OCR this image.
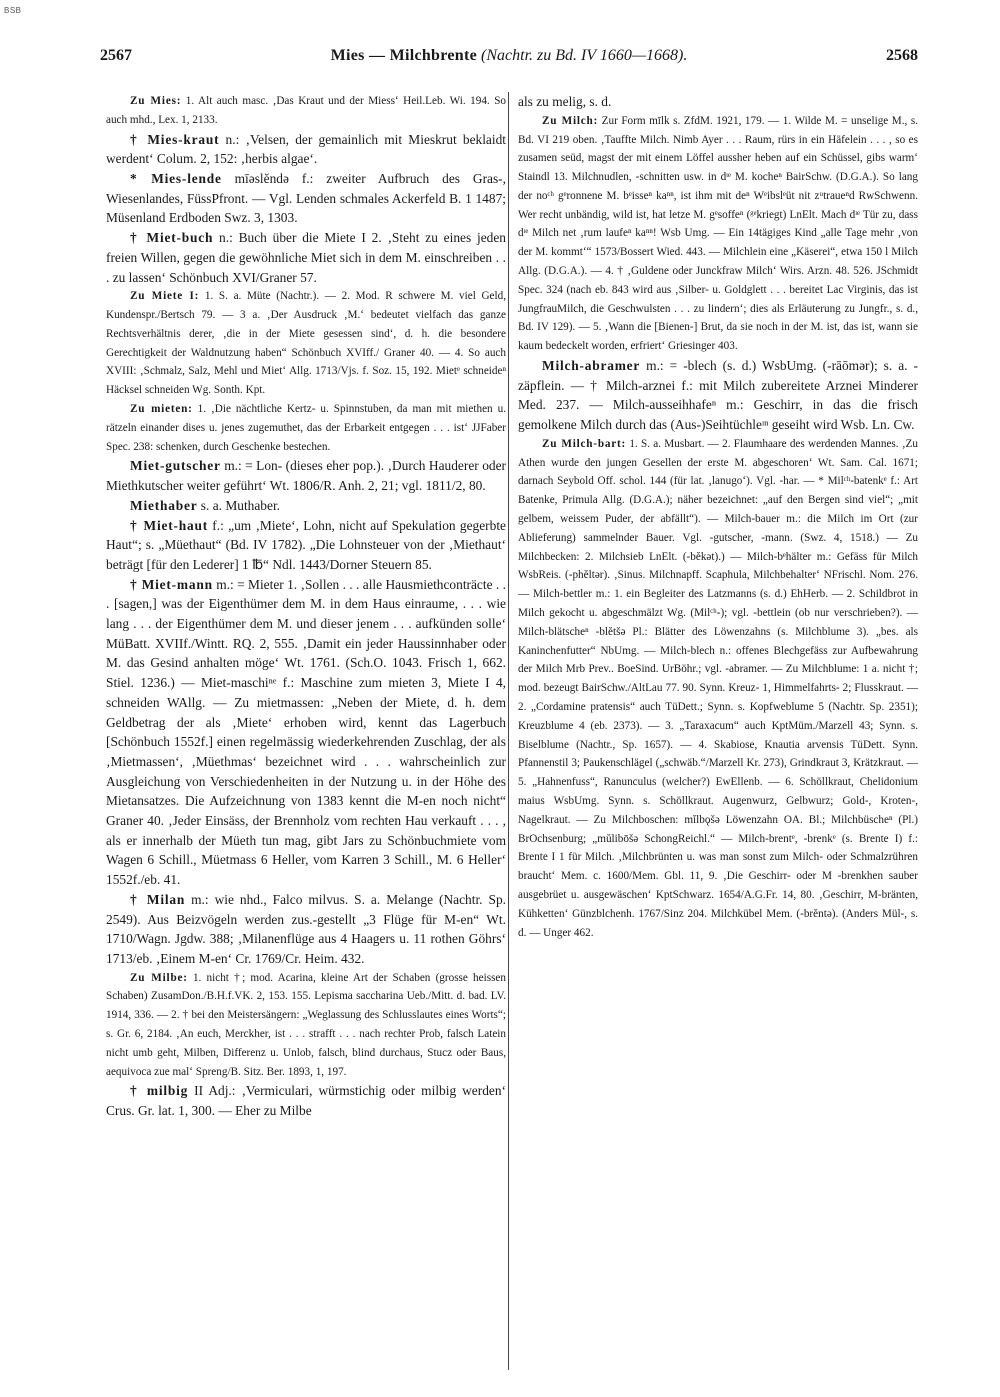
BSB
2567	Mies — Milchbrente (Nachtr. zu Bd. IV 1660—1668).	2568

Zu Mies: 1. Alt auch masc. ‚Das Kraut und der Miess‘ Heil.Leb. Wi. 194. So auch mhd., Lex. 1, 2133.

† Mies-kraut n.: ‚Velsen, der gemainlich mit Mieskrut beklaidt werdent‘ Colum. 2, 152: ‚herbis algae‘.

* Mies-lende mīəslĕndə f.: zweiter Aufbruch des Gras-, Wiesenlandes, FüssPfront. — Vgl. Lenden schmales Ackerfeld B. 1 1487; Müsenland Erdboden Swz. 3, 1303.

† Miet-buch n.: Buch über die Miete I 2. ‚Steht zu eines jeden freien Willen, gegen die gewöhnliche Miet sich in dem M. einschreiben . . . zu lassen‘ Schönbuch XVI/Graner 57.

Zu Miete I: 1. S. a. Müte (Nachtr.). — 2. Mod. R schwere M. viel Geld, Kundenspr./Bertsch 79. — 3 a. ‚Der Ausdruck ‚M.‘ bedeutet vielfach das ganze Rechtsverhältnis derer, ‚die in der Miete gesessen sind‘, d. h. die besondere Gerechtigkeit der Waldnutzung haben“ Schönbuch XVIff./ Graner 40. — 4. So auch XVIII: ‚Schmalz, Salz, Mehl und Miet‘ Allg. 1713/Vjs. f. Soz. 15, 192. Mietᵉ schneideⁿ Häcksel schneiden Wg. Sonth. Kpt.

Zu mieten: 1. ‚Die nächtliche Kertz- u. Spinnstuben, da man mit miethen u. rätzeln einander dises u. jenes zugemuthet, das der Erbarkeit entgegen . . . ist‘ JJFaber Spec. 238: schenken, durch Geschenke bestechen.

Miet-gutscher m.: = Lon- (dieses eher pop.). ‚Durch Hauderer oder Miethkutscher weiter geführt‘ Wt. 1806/R. Anh. 2, 21; vgl. 1811/2, 80.

Miethaber s. a. Muthaber.

† Miet-haut f.: „um ‚Miete‘, Lohn, nicht auf Spekulation gegerbte Haut“; s. „Müethaut“ (Bd. IV 1782). „Die Lohnsteuer von der ‚Miethaut‘ beträgt [für den Lederer] 1 ℔“ Ndl. 1443/Dorner Steuern 85.

† Miet-mann m.: = Mieter 1. ‚Sollen . . . alle Hausmiethconträcte . . . [sagen,] was der Eigenthümer dem M. in dem Haus einraume, . . . wie lang . . . der Eigenthümer dem M. und dieser jenem . . . aufkünden solle‘ MüBatt. XVIIf./Wintt. RQ. 2, 555. ‚Damit ein jeder Haussinnhaber oder M. das Gesind anhalten möge‘ Wt. 1761. (Sch.O. 1043. Frisch 1, 662. Stiel. 1236.) — Miet-maschiⁿᵉ f.: Maschine zum mieten 3, Miete I 4, schneiden WAllg. — Zu mietmassen: „Neben der Miete, d. h. dem Geldbetrag der als ‚Miete‘ erhoben wird, kennt das Lagerbuch [Schönbuch 1552f.] einen regelmässig wiederkehrenden Zuschlag, der als ‚Mietmassen‘, ‚Müethmas‘ bezeichnet wird . . . wahrscheinlich zur Ausgleichung von Verschiedenheiten in der Nutzung u. in der Höhe des Mietansatzes. Die Aufzeichnung von 1383 kennt die M-en noch nicht“ Graner 40. ‚Jeder Einsäss, der Brennholz vom rechten Hau verkauft . . . , als er innerhalb der Müeth tun mag, gibt Jars zu Schönbuchmiete vom Wagen 6 Schill., Müetmass 6 Heller, vom Karren 3 Schill., M. 6 Heller‘ 1552f./eb. 41.

† Milan m.: wie nhd., Falco milvus. S. a. Melange (Nachtr. Sp. 2549). Aus Beizvögeln werden zus.-gestellt „3 Flüge für M-en“ Wt. 1710/Wagn. Jgdw. 388; ‚Milanenflüge aus 4 Haagers u. 11 rothen Göhrs‘ 1713/eb. ‚Einem M-en‘ Cr. 1769/Cr. Heim. 432.

Zu Milbe: 1. nicht †; mod. Acarina, kleine Art der Schaben (grosse heissen Schaben) ZusamDon./B.H.f.VK. 2, 153. 155. Lepisma saccharina Ueb./Mitt. d. bad. LV. 1914, 336. — 2. † bei den Meistersängern: „Weglassung des Schlusslautes eines Worts“; s. Gr. 6, 2184. ‚An euch, Merckher, ist . . . strafft . . . nach rechter Prob, falsch Latein nicht umb geht, Milben, Differenz u. Unlob, falsch, blind durchaus, Stucz oder Baus, aequivoca zue mal‘ Spreng/B. Sitz. Ber. 1893, 1, 197.

† milbig II Adj.: ‚Vermiculari, würmstichig oder milbig werden‘ Crus. Gr. lat. 1, 300. — Eher zu Milbe

als zu melig, s. d.

Zu Milch: Zur Form mīlk s. ZfdM. 1921, 179. — 1. Wilde M. = unselige M., s. Bd. VI 219 oben. ‚Tauffte Milch. Nimb Ayer . . . Raum, rürs in ein Häfelein . . . , so es zusamen seüd, magst der mit einem Löffel aussher heben auf ein Schüssel, gibs warm‘ Staindl 13. Milchnudlen, -schnitten usw. in dᶦᵉ M. kocheⁿ BairSchw. (D.G.A.). So lang der noᶜʰ gᵉronnene M. bᵉisseⁿ kaⁿⁿ, ist ihm mit deⁿ Wᵉibslᵉüt nit zᵘtraueⁿd RwSchwenn. Wer recht unbändig, wild ist, hat letze M. gᵉsoffeⁿ (ᵍᵉkriegt) LnElt. Mach dᶦᵉ Tür zu, dass dᶦᵉ Milch net ‚rum laufeⁿ kaⁿⁿ! Wsb Umg. — Ein 14tägiges Kind „alle Tage mehr ‚von der M. kommt‘“ 1573/Bossert Wied. 443. — Milchlein eine „Käserei“, etwa 150 l Milch Allg. (D.G.A.). — 4. † ‚Guldene oder Junckfraw Milch‘ Wirs. Arzn. 48. 526. JSchmidt Spec. 324 (nach eb. 843 wird aus ‚Silber- u. Goldglett . . . bereitet Lac Virginis, das ist JungfrauMilch, die Geschwulsten . . . zu lindern‘; dies als Erläuterung zu Jungfr., s. d., Bd. IV 129). — 5. ‚Wann die [Bienen-] Brut, da sie noch in der M. ist, das ist, wann sie kaum bedeckelt worden, erfriert‘ Griesinger 403.

Milch-abramer m.: = -blech (s. d.) WsbUmg. (-rāōmər); s. a. -zäpflein. — † Milch-arznei f.: mit Milch zubereitete Arznei Minderer Med. 237. — Milch-ausseihhafeⁿ m.: Geschirr, in das die frisch gemolkene Milch durch das (Aus-)Seihtüchleᶦⁿ geseiht wird Wsb. Ln. Cw.

Zu Milch-bart: 1. S. a. Musbart. — 2. Flaumhaare des werdenden Mannes. ‚Zu Athen wurde den jungen Gesellen der erste M. abgeschoren‘ Wt. Sam. Cal. 1671; darnach Seybold Off. schol. 144 (für lat. ‚lanugo‘). Vgl. -har. — * Milᶜʰ-batenkᵉ f.: Art Batenke, Primula Allg. (D.G.A.); näher bezeichnet: „auf den Bergen sind viel“; „mit gelbem, weissem Puder, der abfällt“). — Milch-bauer m.: die Milch im Ort (zur Ablieferung) sammelnder Bauer. Vgl. -gutscher, -mann. (Swz. 4, 1518.) — Zu Milchbecken: 2. Milchsieb LnElt. (-bĕkət).) — Milch-bᵉhälter m.: Gefäss für Milch WsbReis. (-phĕltər). ‚Sinus. Milchnapff. Scaphula, Milchbehalter‘ NFrischl. Nom. 276. — Milch-bettler m.: 1. ein Begleiter des Latzmanns (s. d.) EhHerb. — 2. Schildbrot in Milch gekocht u. abgeschmälzt Wg. (Milᶜʰ-); vgl. -bettlein (ob nur verschrieben?). — Milch-blätscheⁿ -blĕtšə Pl.: Blätter des Löwenzahns (s. Milchblume 3). „bes. als Kaninchenfutter“ NbUmg. — Milch-blech n.: offenes Blechgefäss zur Aufbewahrung der Milch Mrb Prev.. BoeSind. UrBöhr.; vgl. -abramer. — Zu Milchblume: 1 a. nicht †; mod. bezeugt BairSchw./AltLau 77. 90. Synn. Kreuz- 1, Himmelfahrts- 2; Flusskraut. — 2. „Cordamine pratensis“ auch TüDett.; Synn. s. Kopfweblume 5 (Nachtr. Sp. 2351); Kreuzblume 4 (eb. 2373). — 3. „Taraxacum“ auch KptMüm./Marzell 43; Synn. s. Biselblume (Nachtr., Sp. 1657). — 4. Skabiose, Knautia arvensis TüDett. Synn. Pfannenstil 3; Paukenschlägel („schwäb.“/Marzell Kr. 273), Grindkraut 3, Krätzkraut. — 5. „Hahnenfuss“, Ranunculus (welcher?) EwEllenb. — 6. Schöllkraut, Chelidonium maius WsbUmg. Synn. s. Schöllkraut. Augenwurz, Gelbwurz; Gold-, Kroten-, Nagelkraut. — Zu Milchboschen: mĭlbǫšə Löwenzahn OA. Bl.; Milchbüscheⁿ (Pl.) BrOchsenburg; „mŭlibōšə SchongReichl.“ — Milch-brentᵉ, -brenkᵉ (s. Brente I) f.: Brente I 1 für Milch. ‚Milchbrünten u. was man sonst zum Milch- oder Schmalzrühren braucht‘ Mem. c. 1600/Mem. Gbl. 11, 9. ‚Die Geschirr- oder M -brenkhen sauber ausgebrüet u. ausgewäschen‘ KptSchwarz. 1654/A.G.Fr. 14, 80. ‚Geschirr, M-bränten, Kühketten‘ Günzblchenh. 1767/Sinz 204. Milchkübel Mem. (-brĕntə). (Anders Mül-, s. d. — Unger 462.
